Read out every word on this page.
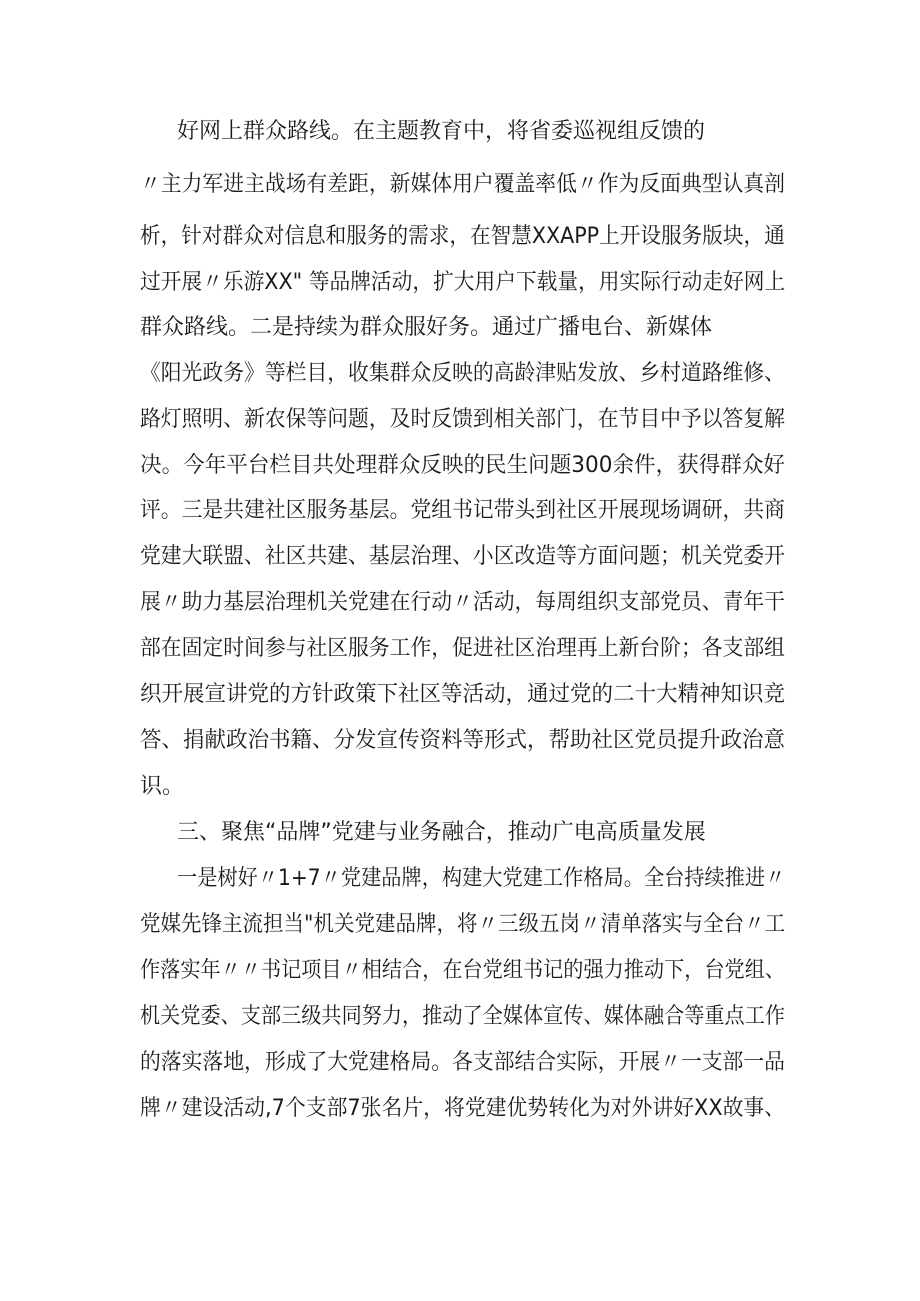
好网上群众路线。在主题教育中，将省委巡视组反馈的
〃主力军进主战场有差距，新媒体用户覆盖率低〃作为反面典型认真剖
析，针对群众对信息和服务的需求，在智慧XXAPP上开设服务版块，通
过开展〃乐游XX" 等品牌活动，扩大用户下载量，用实际行动走好网上
群众路线。二是持续为群众服好务。通过广播电台、新媒体
《阳光政务》等栏目，收集群众反映的高龄津贴发放、乡村道路维修、
路灯照明、新农保等问题，及时反馈到相关部门，在节目中予以答复解
决。今年平台栏目共处理群众反映的民生问题300余件，获得群众好
评。三是共建社区服务基层。党组书记带头到社区开展现场调研，共商
党建大联盟、社区共建、基层治理、小区改造等方面问题；机关党委开
展〃助力基层治理机关党建在行动〃活动，每周组织支部党员、青年干
部在固定时间参与社区服务工作，促进社区治理再上新台阶；各支部组
织开展宣讲党的方针政策下社区等活动，通过党的二十大精神知识竞
答、捐献政治书籍、分发宣传资料等形式，帮助社区党员提升政治意
识。
三、聚焦“品牌”党建与业务融合，推动广电高质量发展
一是树好〃1+7〃党建品牌，构建大党建工作格局。全台持续推进〃
党媒先锋主流担当"机关党建品牌，将〃三级五岗〃清单落实与全台〃工
作落实年〃〃书记项目〃相结合，在台党组书记的强力推动下，台党组、
机关党委、支部三级共同努力，推动了全媒体宣传、媒体融合等重点工作
的落实落地，形成了大党建格局。各支部结合实际，开展〃一支部一品
牌〃建设活动,7个支部7张名片，将党建优势转化为对外讲好XX故事、
